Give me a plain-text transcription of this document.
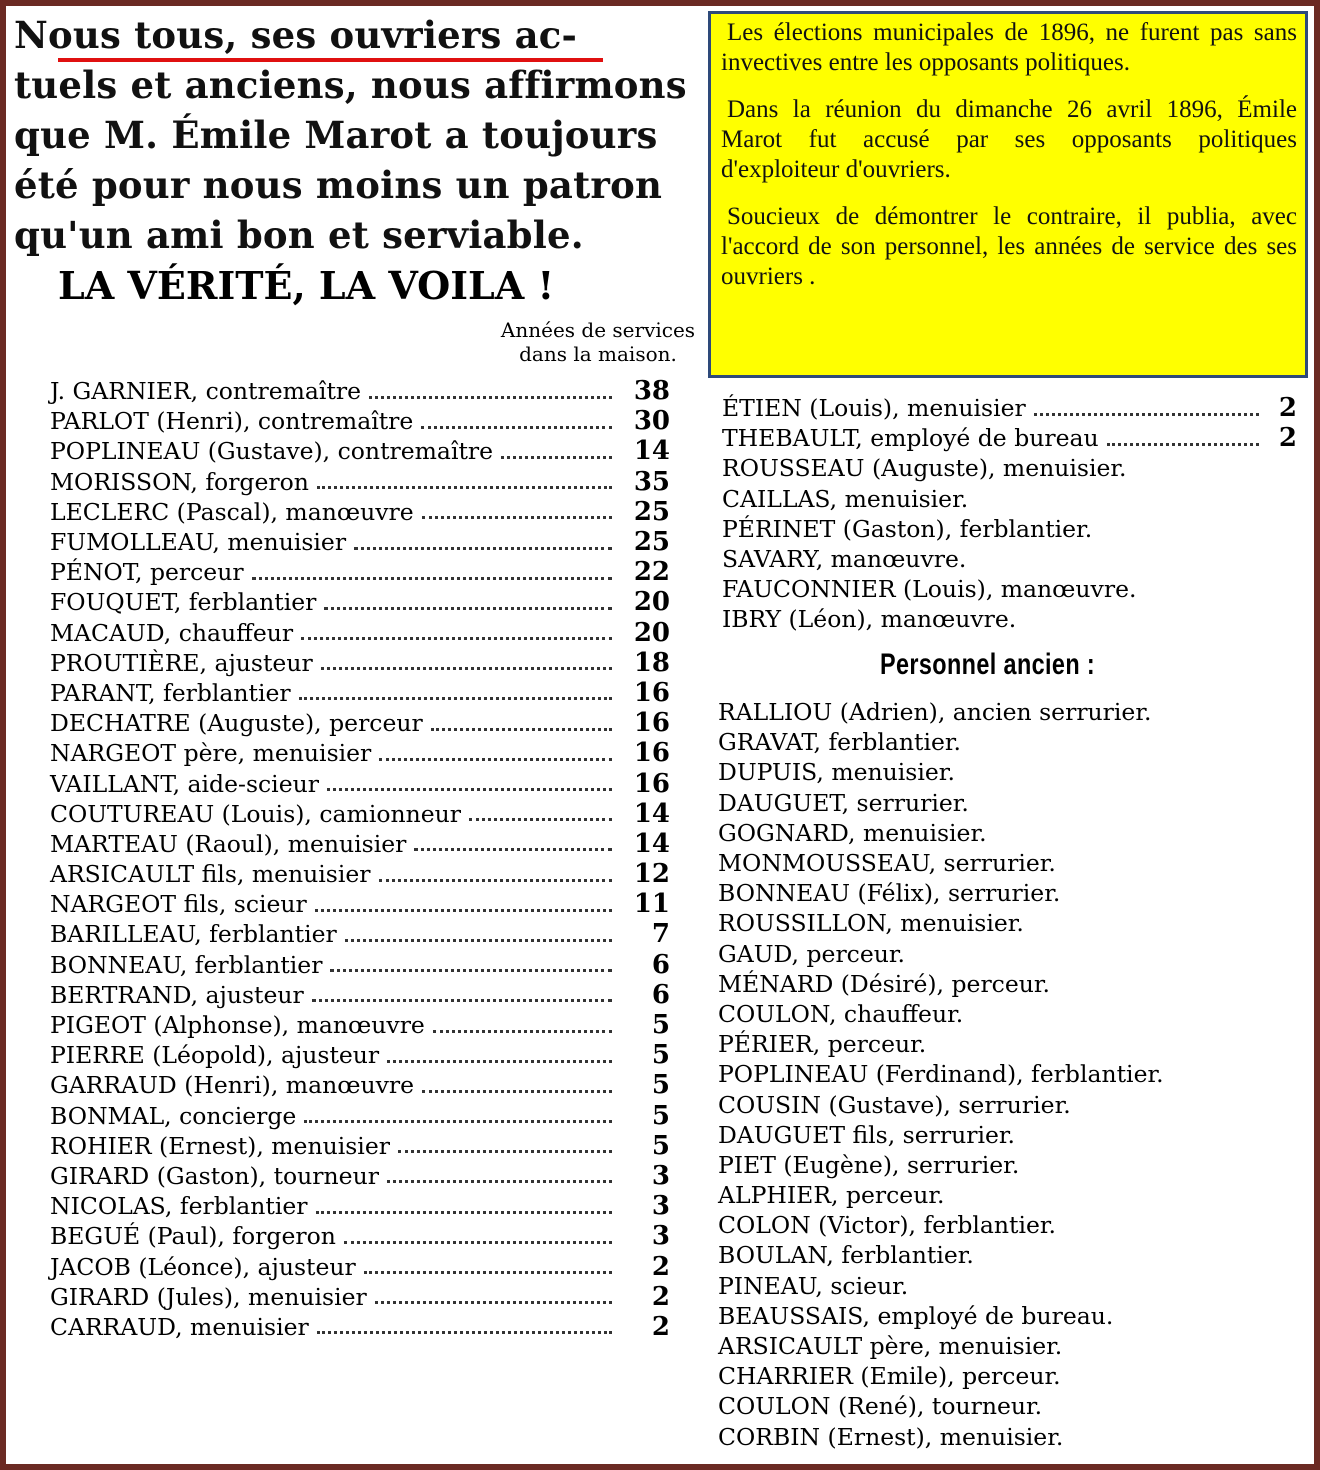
Nous tous, ses ouvriers ac-
tuels et anciens, nous affirmons
que M. Émile Marot a toujours
été pour nous moins un patron
qu'un ami bon et serviable.
LA VÉRITÉ, LA VOILA !
Années de services
dans la maison.
J. GARNIER, contremaître	38
PARLOT (Henri), contremaître	30
POPLINEAU (Gustave), contremaître	14
MORISSON, forgeron	35
LECLERC (Pascal), manœuvre	25
FUMOLLEAU, menuisier	25
PÉNOT, perceur	22
FOUQUET, ferblantier	20
MACAUD, chauffeur	20
PROUTIÈRE, ajusteur	18
PARANT, ferblantier	16
DECHATRE (Auguste), perceur	16
NARGEOT père, menuisier	16
VAILLANT, aide-scieur	16
COUTUREAU (Louis), camionneur	14
MARTEAU (Raoul), menuisier	14
ARSICAULT fils, menuisier	12
NARGEOT fils, scieur	11
BARILLEAU, ferblantier	7
BONNEAU, ferblantier	6
BERTRAND, ajusteur	6
PIGEOT (Alphonse), manœuvre	5
PIERRE (Léopold), ajusteur	5
GARRAUD (Henri), manœuvre	5
BONMAL, concierge	5
ROHIER (Ernest), menuisier	5
GIRARD (Gaston), tourneur	3
NICOLAS, ferblantier	3
BEGUÉ (Paul), forgeron	3
JACOB (Léonce), ajusteur	2
GIRARD (Jules), menuisier	2
CARRAUD, menuisier	2

Les élections municipales de 1896, ne furent pas sans invectives entre les opposants politiques.

Dans la réunion du dimanche 26 avril 1896, Émile Marot fut accusé par ses opposants politiques d'exploiteur d'ouvriers.

Soucieux de démontrer le contraire, il publia, avec l'accord de son personnel, les années de service des ses ouvriers .

ÉTIEN (Louis), menuisier	2
THEBAULT, employé de bureau	2
ROUSSEAU (Auguste), menuisier.
CAILLAS, menuisier.
PÉRINET (Gaston), ferblantier.
SAVARY, manœuvre.
FAUCONNIER (Louis), manœuvre.
IBRY (Léon), manœuvre.
Personnel ancien :
RALLIOU (Adrien), ancien serrurier.
GRAVAT, ferblantier.
DUPUIS, menuisier.
DAUGUET, serrurier.
GOGNARD, menuisier.
MONMOUSSEAU, serrurier.
BONNEAU (Félix), serrurier.
ROUSSILLON, menuisier.
GAUD, perceur.
MÉNARD (Désiré), perceur.
COULON, chauffeur.
PÉRIER, perceur.
POPLINEAU (Ferdinand), ferblantier.
COUSIN (Gustave), serrurier.
DAUGUET fils, serrurier.
PIET (Eugène), serrurier.
ALPHIER, perceur.
COLON (Victor), ferblantier.
BOULAN, ferblantier.
PINEAU, scieur.
BEAUSSAIS, employé de bureau.
ARSICAULT père, menuisier.
CHARRIER (Emile), perceur.
COULON (René), tourneur.
CORBIN (Ernest), menuisier.
